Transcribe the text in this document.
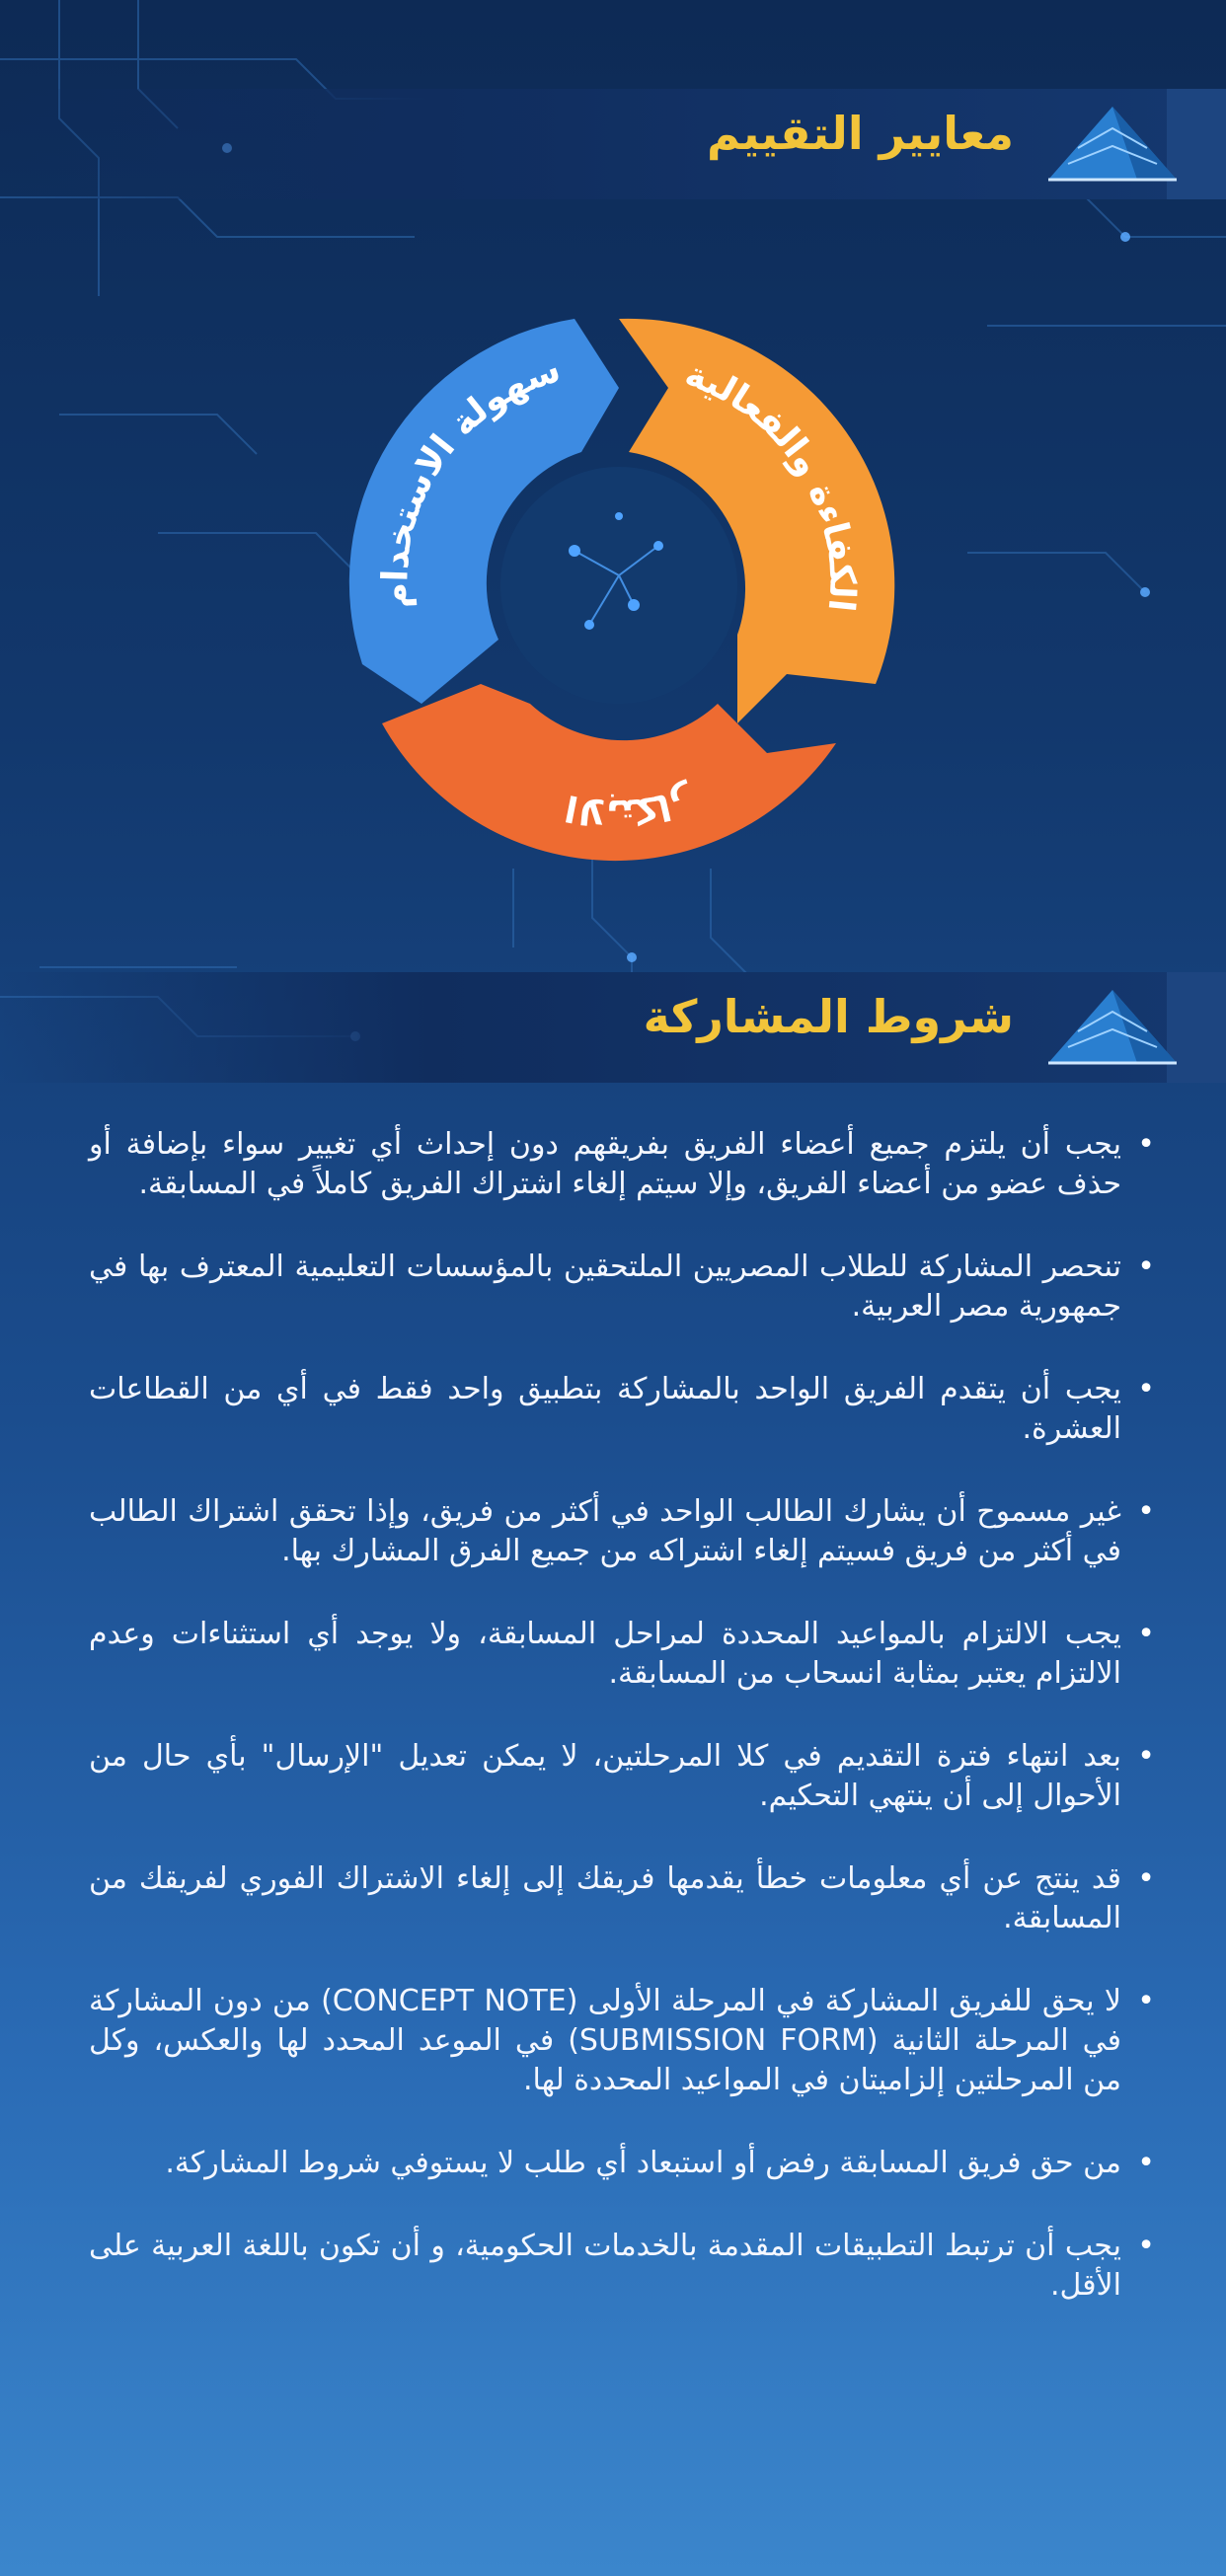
معايير التقييم
سهولة الاستخدام	الكفاءة والفعالية
الابتكار
شروط المشاركة
•
يجب أن يلتزم جميع أعضاء الفريق بفريقهم دون إحداث أي تغيير سواء بإضافة أو حذف عضو من أعضاء الفريق، وإلا سيتم إلغاء اشتراك الفريق كاملاً في المسابقة.
•
تنحصر المشاركة للطلاب المصريين الملتحقين بالمؤسسات التعليمية المعترف بها في جمهورية مصر العربية.
•
يجب أن يتقدم الفريق الواحد بالمشاركة بتطبيق واحد فقط في أي من القطاعات العشرة.
•
غير مسموح أن يشارك الطالب الواحد في أكثر من فريق، وإذا تحقق اشتراك الطالب في أكثر من فريق فسيتم إلغاء اشتراكه من جميع الفرق المشارك بها.
•
يجب الالتزام بالمواعيد المحددة لمراحل المسابقة، ولا يوجد أي استثناءات وعدم الالتزام يعتبر بمثابة انسحاب من المسابقة.
•
بعد انتهاء فترة التقديم في كلا المرحلتين، لا يمكن تعديل "الإرسال" بأي حال من الأحوال إلى أن ينتهي التحكيم.
•
قد ينتج عن أي معلومات خطأ يقدمها فريقك إلى إلغاء الاشتراك الفوري لفريقك من المسابقة.
•
لا يحق للفريق المشاركة في المرحلة الأولى (CONCEPT NOTE) من دون المشاركة في المرحلة الثانية (SUBMISSION FORM) في الموعد المحدد لها والعكس، وكل من المرحلتين إلزاميتان في المواعيد المحددة لها.
•
من حق فريق المسابقة رفض أو استبعاد أي طلب لا يستوفي شروط المشاركة.
•
يجب أن ترتبط التطبيقات المقدمة بالخدمات الحكومية، و أن تكون باللغة العربية على الأقل.
